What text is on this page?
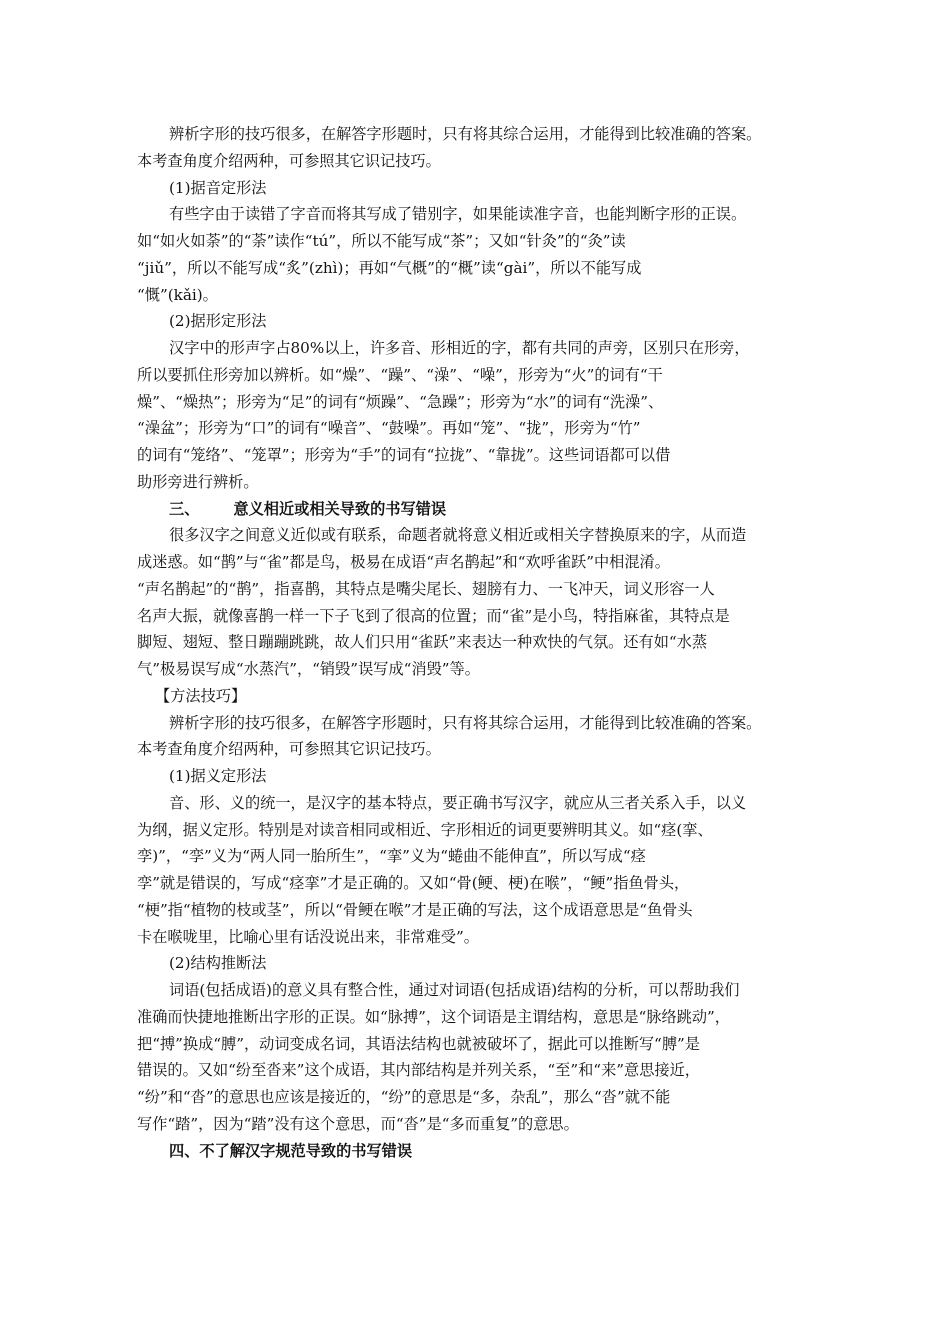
辨析字形的技巧很多，在解答字形题时，只有将其综合运用，才能得到比较准确的答案。
本考查角度介绍两种，可参照其它识记技巧。
(1)据音定形法
有些字由于读错了字音而将其写成了错别字，如果能读准字音，也能判断字形的正误。
如“如火如荼”的“荼”读作“tú”，所以不能写成“茶”；又如“针灸”的“灸”读
“jiǔ”，所以不能写成“炙”(zhì)；再如“气概”的“概”读“gài”，所以不能写成
“慨”(kǎi)。
(2)据形定形法
汉字中的形声字占80%以上，许多音、形相近的字，都有共同的声旁，区别只在形旁，
所以要抓住形旁加以辨析。如“燥”、“躁”、“澡”、“噪”，形旁为“火”的词有“干
燥”、“燥热”；形旁为“足”的词有“烦躁”、“急躁”；形旁为“水”的词有“洗澡”、
“澡盆”；形旁为“口”的词有“噪音”、“鼓噪”。再如“笼”、“拢”，形旁为“竹”
的词有“笼络”、“笼罩”；形旁为“手”的词有“拉拢”、“靠拢”。这些词语都可以借
助形旁进行辨析。
三、 意义相近或相关导致的书写错误
很多汉字之间意义近似或有联系，命题者就将意义相近或相关字替换原来的字，从而造
成迷惑。如“鹊”与“雀”都是鸟，极易在成语“声名鹊起”和“欢呼雀跃”中相混淆。
“声名鹊起”的“鹊”，指喜鹊，其特点是嘴尖尾长、翅膀有力、一飞冲天，词义形容一人
名声大振，就像喜鹊一样一下子飞到了很高的位置；而“雀”是小鸟，特指麻雀，其特点是
脚短、翅短、整日蹦蹦跳跳，故人们只用“雀跃”来表达一种欢快的气氛。还有如“水蒸
气”极易误写成“水蒸汽”，“销毁”误写成“消毁”等。
【方法技巧】
辨析字形的技巧很多，在解答字形题时，只有将其综合运用，才能得到比较准确的答案。
本考查角度介绍两种，可参照其它识记技巧。
(1)据义定形法
音、形、义的统一，是汉字的基本特点，要正确书写汉字，就应从三者关系入手，以义
为纲，据义定形。特别是对读音相同或相近、字形相近的词更要辨明其义。如“痉(挛、
孪)”，“孪”义为“两人同一胎所生”，“挛”义为“蜷曲不能伸直”，所以写成“痉
孪”就是错误的，写成“痉挛”才是正确的。又如“骨(鲠、梗)在喉”，“鲠”指鱼骨头，
“梗”指“植物的枝或茎”，所以“骨鲠在喉”才是正确的写法，这个成语意思是“鱼骨头
卡在喉咙里，比喻心里有话没说出来，非常难受”。
(2)结构推断法
词语(包括成语)的意义具有整合性，通过对词语(包括成语)结构的分析，可以帮助我们
准确而快捷地推断出字形的正误。如“脉搏”，这个词语是主谓结构，意思是“脉络跳动”，
把“搏”换成“膊”，动词变成名词，其语法结构也就被破坏了，据此可以推断写“膊”是
错误的。又如“纷至沓来”这个成语，其内部结构是并列关系，“至”和“来”意思接近，
“纷”和“沓”的意思也应该是接近的，“纷”的意思是“多，杂乱”，那么“沓”就不能
写作“踏”，因为“踏”没有这个意思，而“沓”是“多而重复”的意思。
四、不了解汉字规范导致的书写错误
